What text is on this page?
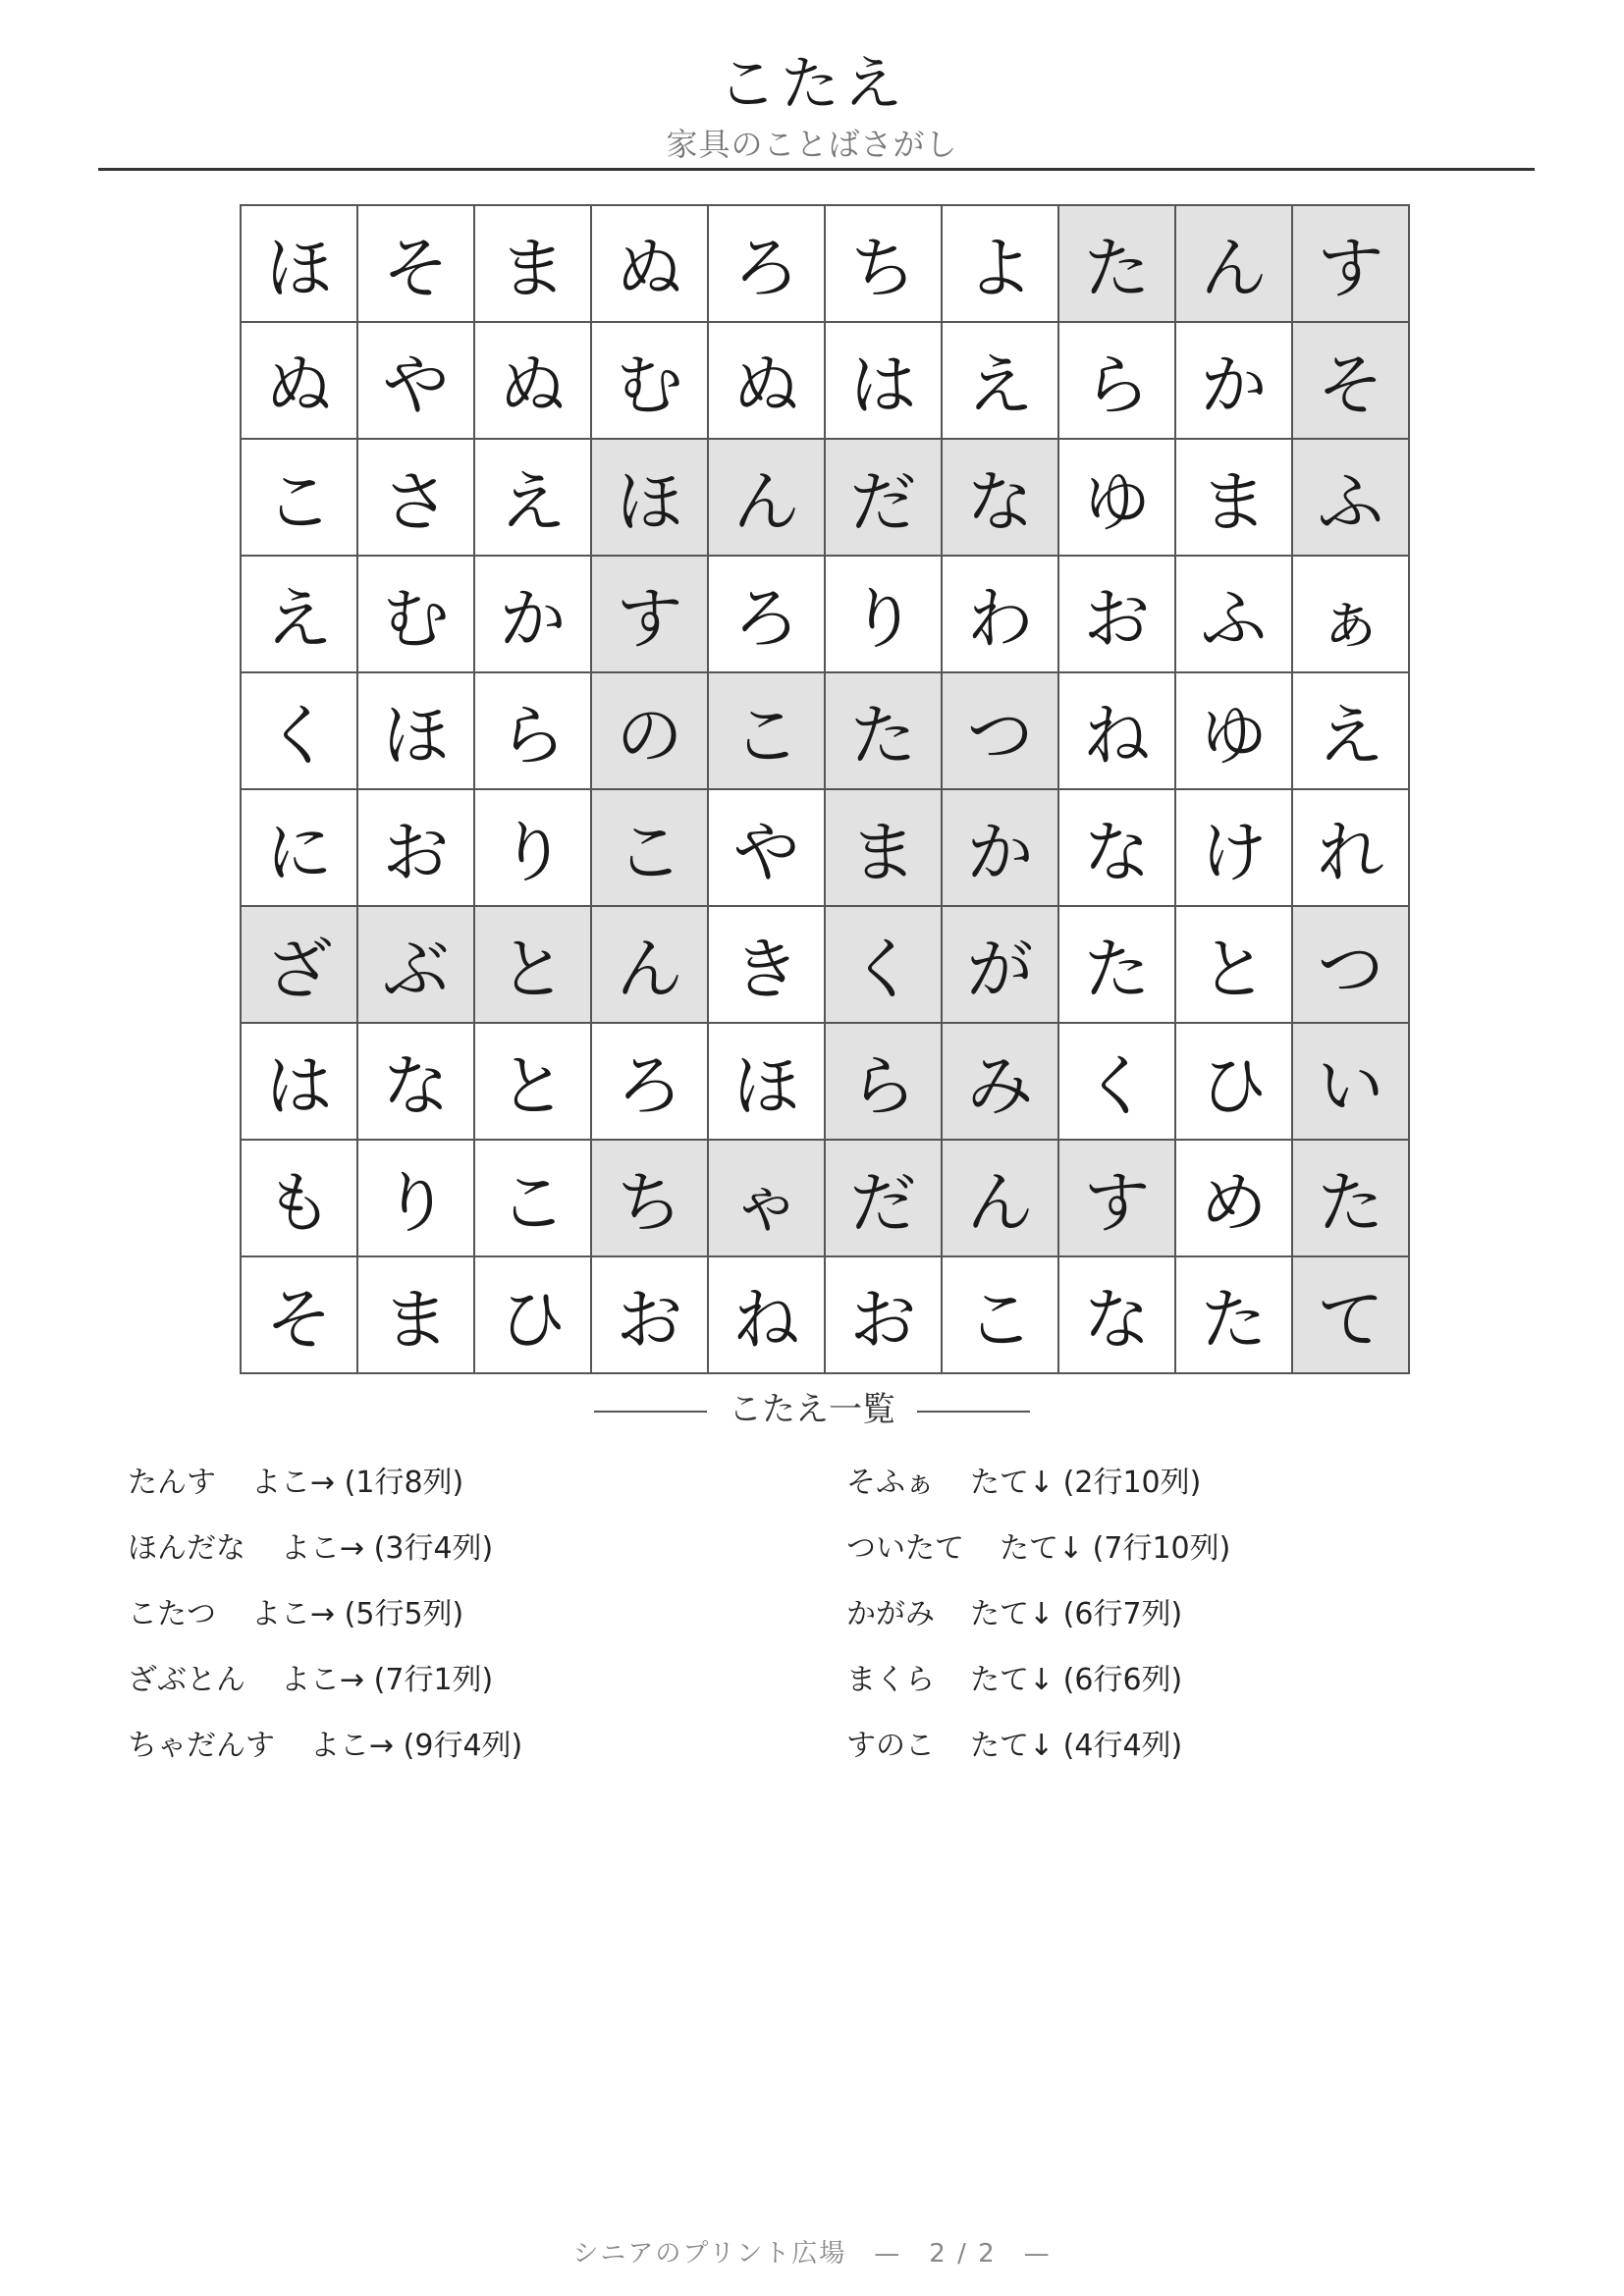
こたえ
家具のことばさがし
ほ	そ	ま	ぬ	ろ	ち	よ	た	ん	す
ぬ	や	ぬ	む	ぬ	は	え	ら	か	そ
こ	さ	え	ほ	ん	だ	な	ゆ	ま	ふ
え	む	か	す	ろ	り	わ	お	ふ	ぁ
く	ほ	ら	の	こ	た	つ	ね	ゆ	え
に	お	り	こ	や	ま	か	な	け	れ
ざ	ぶ	と	ん	き	く	が	た	と	つ
は	な	と	ろ	ほ	ら	み	く	ひ	い
も	り	こ	ち	ゃ	だ	ん	す	め	た
そ	ま	ひ	お	ね	お	こ	な	た	て
こたえ一覧
たんす よこ→ (1行8列)
ほんだな よこ→ (3行4列)
こたつ よこ→ (5行5列)
ざぶとん よこ→ (7行1列)
ちゃだんす よこ→ (9行4列)
そふぁ たて↓ (2行10列)
ついたて たて↓ (7行10列)
かがみ たて↓ (6行7列)
まくら たて↓ (6行6列)
すのこ たて↓ (4行4列)
シニアのプリント広場　—　2 / 2　—
